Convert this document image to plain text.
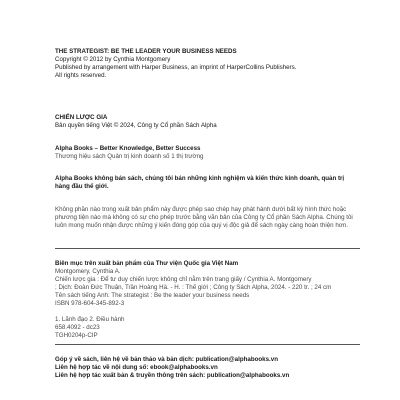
THE STRATEGIST: BE THE LEADER YOUR BUSINESS NEEDS
Copyright © 2012 by Cynthia Montgomery
Published by arrangement with Harper Business, an imprint of HarperCollins Publishers.
All rights reserved.
CHIẾN LƯỢC GIA
Bản quyền tiếng Việt © 2024, Công ty Cổ phần Sách Alpha
Alpha Books – Better Knowledge, Better Success
Thương hiệu sách Quản trị kinh doanh số 1 thị trường

Alpha Books không bán sách, chúng tôi bán những kinh nghiệm và kiến thức kinh doanh, quản trị hàng đầu thế giới.

Không phần nào trong xuất bản phẩm này được phép sao chép hay phát hành dưới bất kỳ hình thức hoặc phương tiện nào mà không có sự cho phép trước bằng văn bản của Công ty Cổ phần Sách Alpha. Chúng tôi luôn mong muốn nhận được những ý kiến đóng góp của quý vị độc giả để sách ngày càng hoàn thiện hơn.

Biên mục trên xuất bản phẩm của Thư viện Quốc gia Việt Nam
Montgomery, Cynthia A.
Chiến lược gia : Để tư duy chiến lược không chỉ nằm trên trang giấy / Cynthia A. Montgomery
; Dịch: Đoàn Đức Thuận, Trần Hoàng Hà. - H. : Thế giới ; Công ty Sách Alpha, 2024. - 220 tr. ; 24 cm
Tên sách tiếng Anh: The strategist : Be the leader your business needs
ISBN 978-604-345-892-3

1. Lãnh đạo 2. Điều hành
658.4092 - dc23
TGH0204p-CIP
Góp ý về sách, liên hệ về bản thảo và bản dịch: publication@alphabooks.vn
Liên hệ hợp tác về nội dung số: ebook@alphabooks.vn
Liên hệ hợp tác xuất bản & truyền thông trên sách: publication@alphabooks.vn
